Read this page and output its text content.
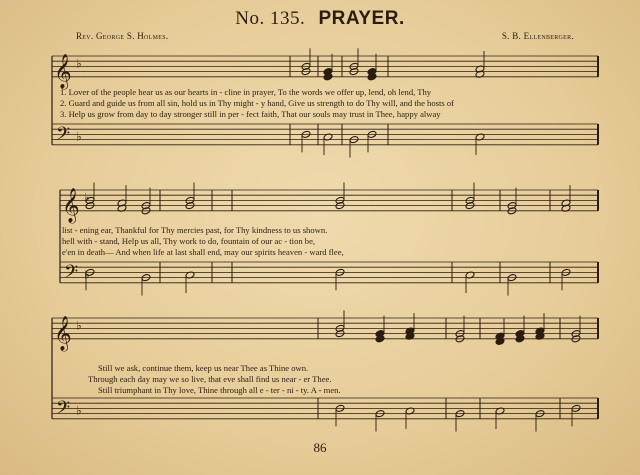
No. 135. PRAYER.
Rev. George S. Holmes.	S. B. Ellenberger.
𝄞
𝄢
♭
♭
𝄞
𝄢
♭
♭
𝄞
𝄢
♭
♭
1. Lover of the people hear us as our hearts in - cline in prayer, To the words we offer up, lend, oh lend, Thy
2. Guard and guide us from all sin, hold us in Thy might - y hand, Give us strength to do Thy will, and the hosts of
3. Help us grow from day to day stronger still in per - fect faith, That our souls may trust in Thee, happy alway
list - ening ear, Thankful for Thy mercies past, for Thy kindness to us shown.
hell with - stand, Help us all, Thy work to do, fountain of our ac - tion be,
e'en in death— And when life at last shall end, may our spirits heaven - ward flee,
Still we ask, continue them, keep us near Thee as Thine own.
Through each day may we so live, that eve shall find us near - er Thee.
Still triumphant in Thy love, Thine through all e - ter - ni - ty. A - men.
86
